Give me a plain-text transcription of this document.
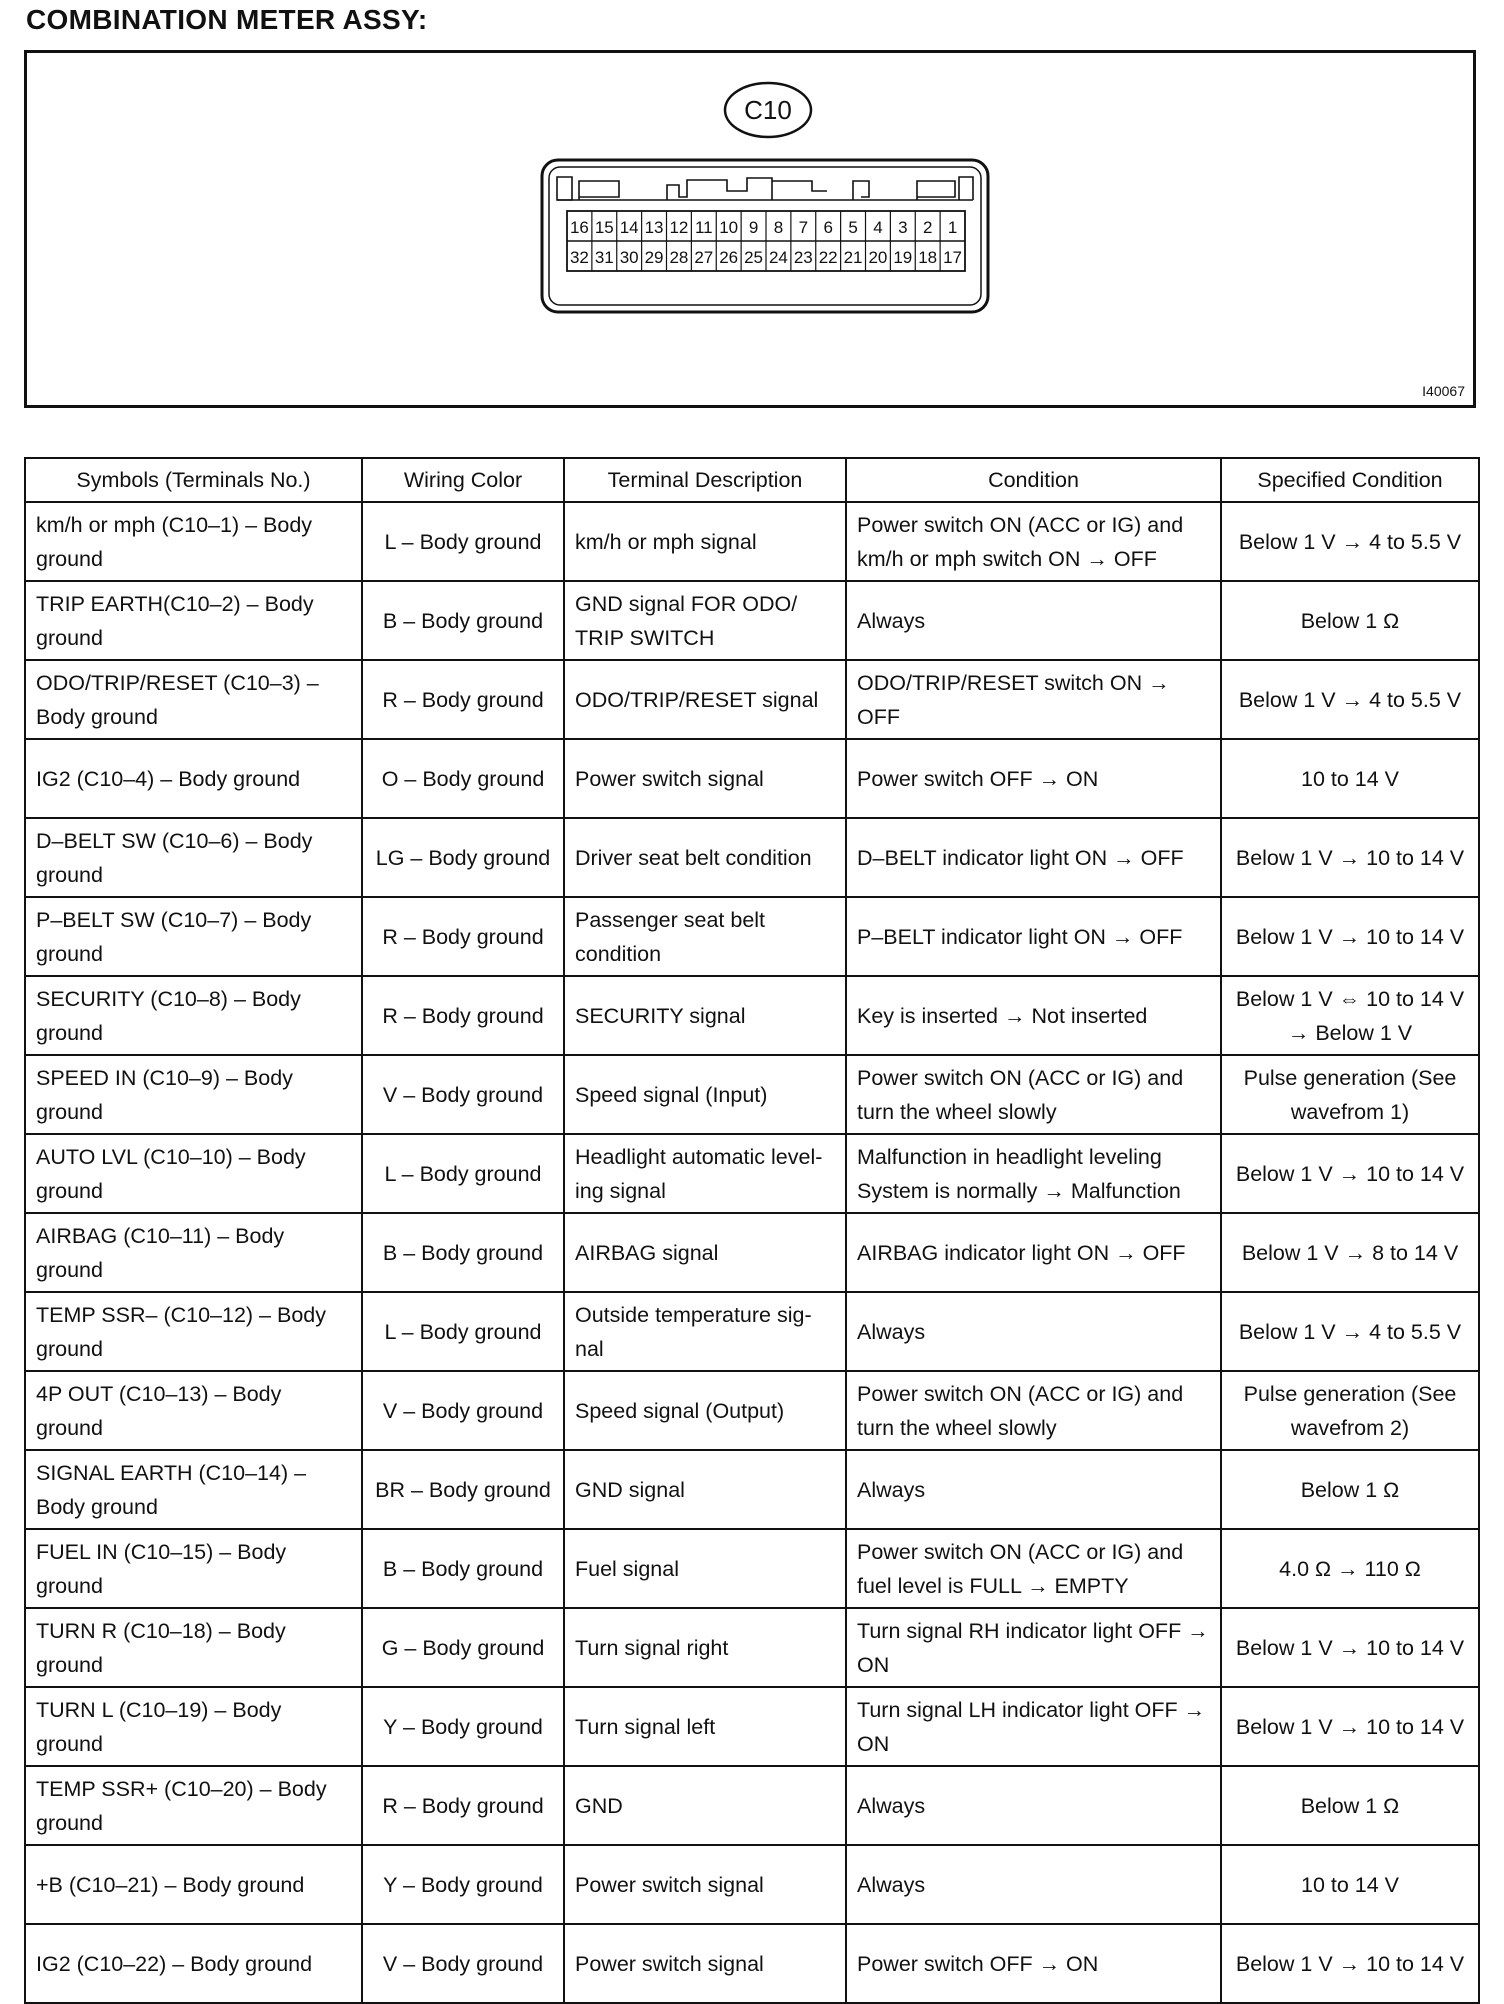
COMBINATION METER ASSY:
C10
16 15 14 13 12 11 10 9 8 7 6 5 4 3 2 1
32 31 30 29 28 27 26 25 24 23 22 21 20 19 18 17
I40067
Symbols (Terminals No.)	Wiring Color	Terminal Description	Condition	Specified Condition
km/h or mph (C10–1) – Body ground	L – Body ground	km/h or mph signal	Power switch ON (ACC or IG) and km/h or mph switch ON → OFF	Below 1 V → 4 to 5.5 V
TRIP EARTH(C10–2) – Body ground	B – Body ground	GND signal FOR ODO/ TRIP SWITCH	Always	Below 1 Ω
ODO/TRIP/RESET (C10–3) – Body ground	R – Body ground	ODO/TRIP/RESET signal	ODO/TRIP/RESET switch ON → OFF	Below 1 V → 4 to 5.5 V
IG2 (C10–4) – Body ground	O – Body ground	Power switch signal	Power switch OFF → ON	10 to 14 V
D–BELT SW (C10–6) – Body ground	LG – Body ground	Driver seat belt condition	D–BELT indicator light ON → OFF	Below 1 V → 10 to 14 V
P–BELT SW (C10–7) – Body ground	R – Body ground	Passenger seat belt condition	P–BELT indicator light ON → OFF	Below 1 V → 10 to 14 V
SECURITY (C10–8) – Body ground	R – Body ground	SECURITY signal	Key is inserted → Not inserted	Below 1 V ⇔ 10 to 14 V → Below 1 V
SPEED IN (C10–9) – Body ground	V – Body ground	Speed signal (Input)	Power switch ON (ACC or IG) and turn the wheel slowly	Pulse generation (See wavefrom 1)
AUTO LVL (C10–10) – Body ground	L – Body ground	Headlight automatic level-ing signal	Malfunction in headlight leveling System is normally → Malfunction	Below 1 V → 10 to 14 V
AIRBAG (C10–11) – Body ground	B – Body ground	AIRBAG signal	AIRBAG indicator light ON → OFF	Below 1 V → 8 to 14 V
TEMP SSR– (C10–12) – Body ground	L – Body ground	Outside temperature sig-nal	Always	Below 1 V → 4 to 5.5 V
4P OUT (C10–13) – Body ground	V – Body ground	Speed signal (Output)	Power switch ON (ACC or IG) and turn the wheel slowly	Pulse generation (See wavefrom 2)
SIGNAL EARTH (C10–14) – Body ground	BR – Body ground	GND signal	Always	Below 1 Ω
FUEL IN (C10–15) – Body ground	B – Body ground	Fuel signal	Power switch ON (ACC or IG) and fuel level is FULL → EMPTY	4.0 Ω → 110 Ω
TURN R (C10–18) – Body ground	G – Body ground	Turn signal right	Turn signal RH indicator light OFF → ON	Below 1 V → 10 to 14 V
TURN L (C10–19) – Body ground	Y – Body ground	Turn signal left	Turn signal LH indicator light OFF → ON	Below 1 V → 10 to 14 V
TEMP SSR+ (C10–20) – Body ground	R – Body ground	GND	Always	Below 1 Ω
+B (C10–21) – Body ground	Y – Body ground	Power switch signal	Always	10 to 14 V
IG2 (C10–22) – Body ground	V – Body ground	Power switch signal	Power switch OFF → ON	Below 1 V → 10 to 14 V
